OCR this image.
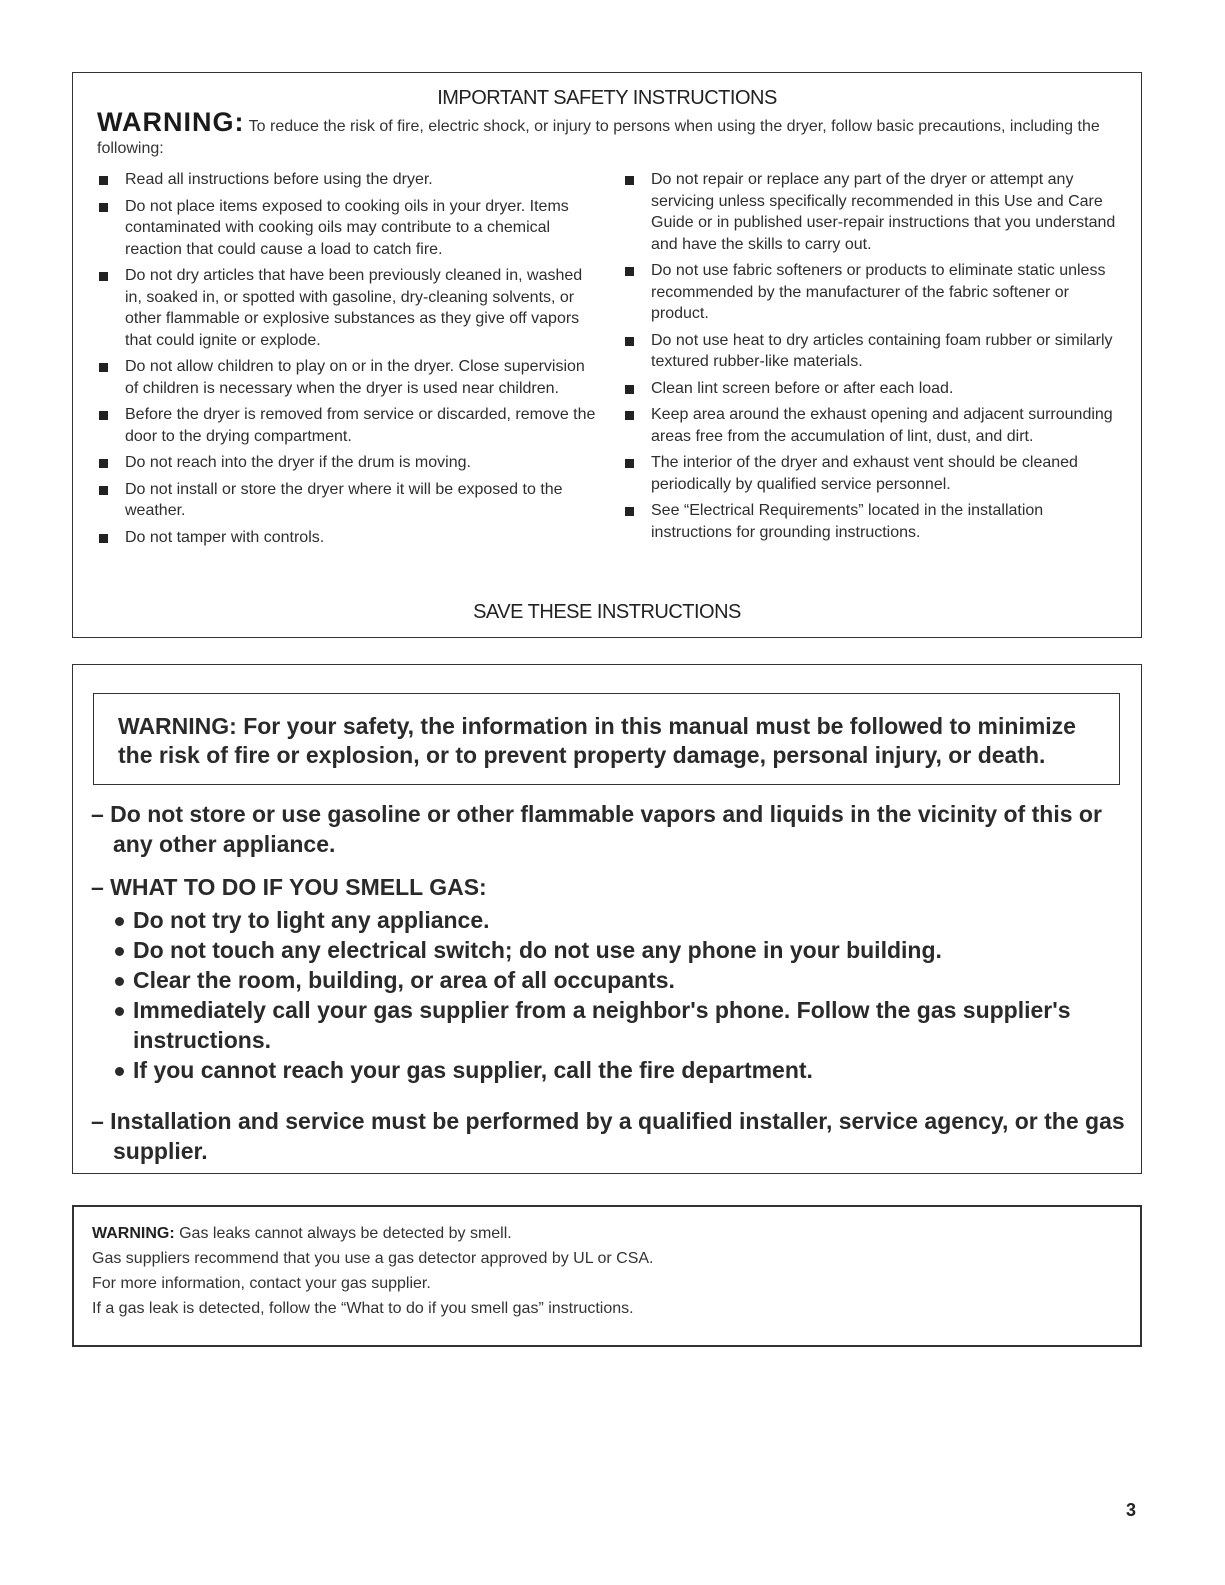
IMPORTANT SAFETY INSTRUCTIONS
WARNING: To reduce the risk of fire, electric shock, or injury to persons when using the dryer, follow basic precautions, including the following:
Read all instructions before using the dryer.
Do not place items exposed to cooking oils in your dryer. Items contaminated with cooking oils may contribute to a chemical reaction that could cause a load to catch fire.
Do not dry articles that have been previously cleaned in, washed in, soaked in, or spotted with gasoline, dry-cleaning solvents, or other flammable or explosive substances as they give off vapors that could ignite or explode.
Do not allow children to play on or in the dryer. Close supervision of children is necessary when the dryer is used near children.
Before the dryer is removed from service or discarded, remove the door to the drying compartment.
Do not reach into the dryer if the drum is moving.
Do not install or store the dryer where it will be exposed to the weather.
Do not tamper with controls.
Do not repair or replace any part of the dryer or attempt any servicing unless specifically recommended in this Use and Care Guide or in published user-repair instructions that you understand and have the skills to carry out.
Do not use fabric softeners or products to eliminate static unless recommended by the manufacturer of the fabric softener or product.
Do not use heat to dry articles containing foam rubber or similarly textured rubber-like materials.
Clean lint screen before or after each load.
Keep area around the exhaust opening and adjacent surrounding areas free from the accumulation of lint, dust, and dirt.
The interior of the dryer and exhaust vent should be cleaned periodically by qualified service personnel.
See “Electrical Requirements” located in the installation instructions for grounding instructions.
SAVE THESE INSTRUCTIONS
WARNING: For your safety, the information in this manual must be followed to minimize the risk of fire or explosion, or to prevent property damage, personal injury, or death.
– Do not store or use gasoline or other flammable vapors and liquids in the vicinity of this or any other appliance.
– WHAT TO DO IF YOU SMELL GAS:
Do not try to light any appliance.
Do not touch any electrical switch; do not use any phone in your building.
Clear the room, building, or area of all occupants.
Immediately call your gas supplier from a neighbor's phone. Follow the gas supplier's instructions.
If you cannot reach your gas supplier, call the fire department.
– Installation and service must be performed by a qualified installer, service agency, or the gas supplier.
WARNING: Gas leaks cannot always be detected by smell.
Gas suppliers recommend that you use a gas detector approved by UL or CSA.
For more information, contact your gas supplier.
If a gas leak is detected, follow the “What to do if you smell gas” instructions.
3
